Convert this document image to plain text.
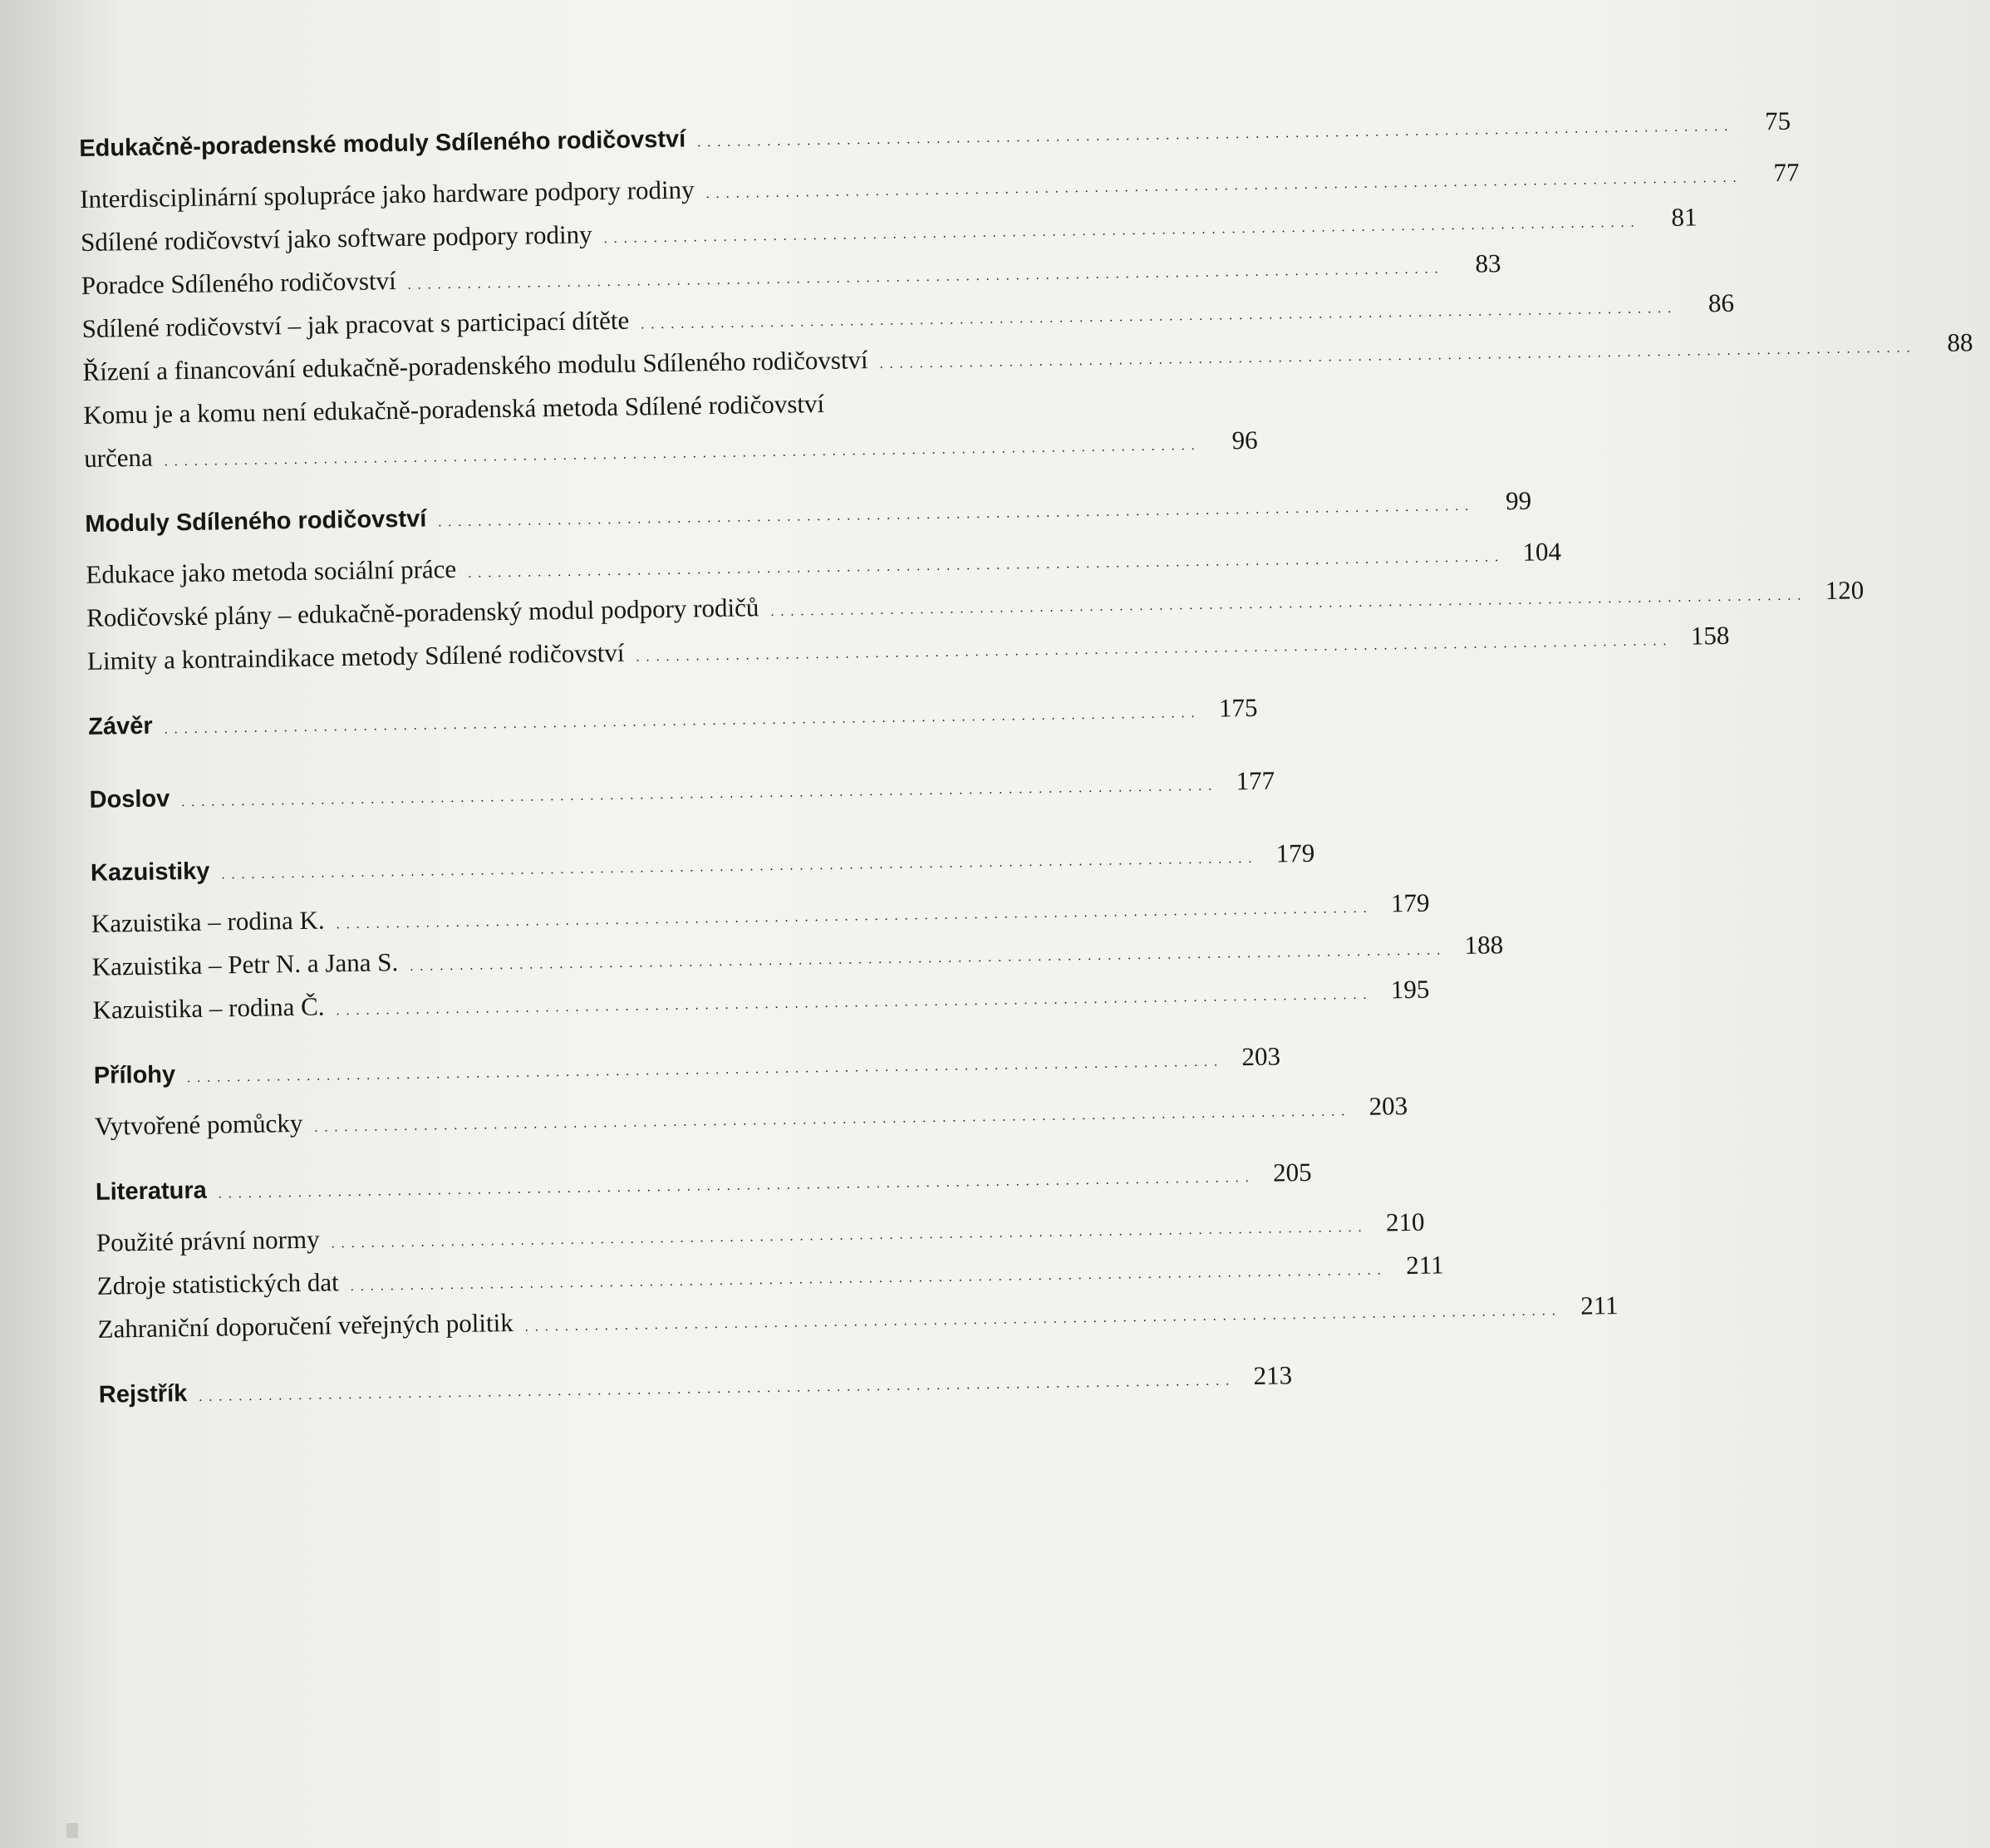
Edukačně-poradenské moduly Sdíleného rodičovství ........................................................................................................	75
Interdisciplinární spolupráce jako hardware podpory rodiny ........................................................................................................	77
Sdílené rodičovství jako software podpory rodiny ........................................................................................................	81
Poradce Sdíleného rodičovství ........................................................................................................	83
Sdílené rodičovství – jak pracovat s participací dítěte ........................................................................................................	86
Řízení a financování edukačně-poradenského modulu Sdíleného rodičovství ........................................................................................................	88
Komu je a komu není edukačně-poradenská metoda Sdílené rodičovství
určena ........................................................................................................	96
Moduly Sdíleného rodičovství ........................................................................................................	99
Edukace jako metoda sociální práce ........................................................................................................ 104
Rodičovské plány – edukačně-poradenský modul podpory rodičů ........................................................................................................ 120
Limity a kontraindikace metody Sdílené rodičovství ........................................................................................................ 158
Závěr ........................................................................................................ 175
Doslov ........................................................................................................ 177
Kazuistiky ........................................................................................................ 179
Kazuistika – rodina K. ........................................................................................................ 179
Kazuistika – Petr N. a Jana S. ........................................................................................................ 188
Kazuistika – rodina Č. ........................................................................................................ 195
Přílohy ........................................................................................................ 203
Vytvořené pomůcky ........................................................................................................ 203
Literatura ........................................................................................................ 205
Použité právní normy ........................................................................................................ 210
Zdroje statistických dat ........................................................................................................ 211
Zahraniční doporučení veřejných politik ........................................................................................................ 211
Rejstřík ........................................................................................................ 213
